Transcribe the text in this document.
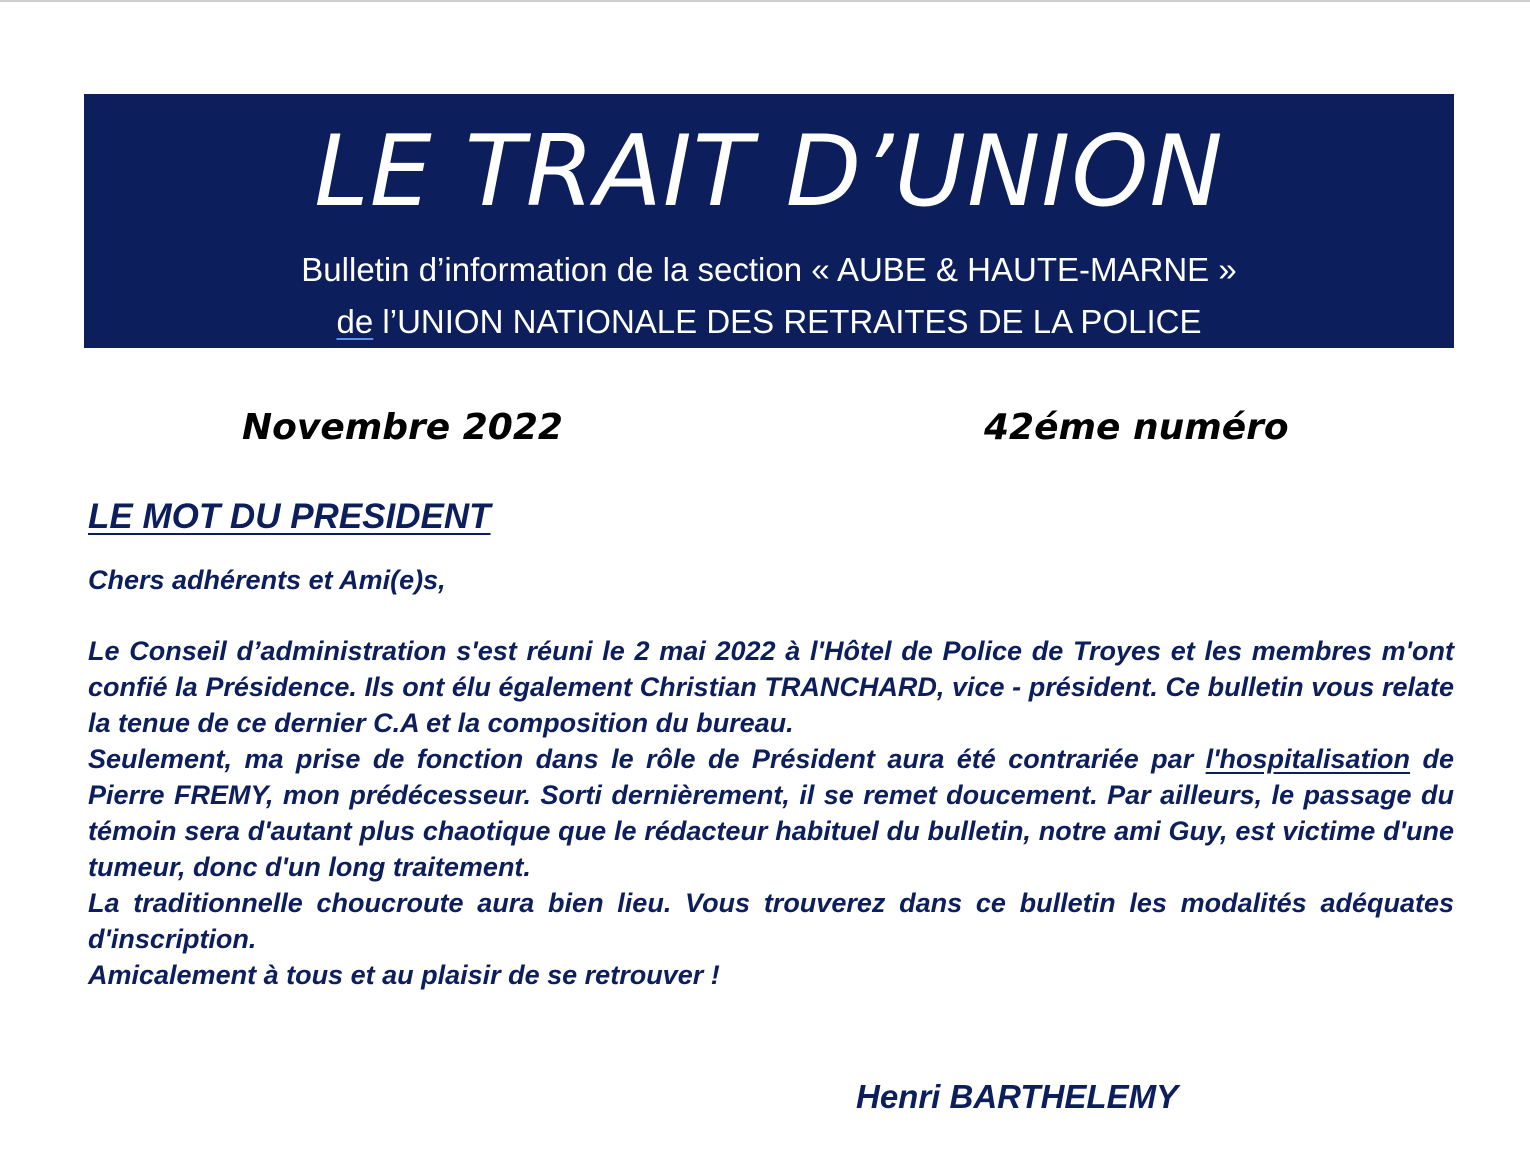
LE TRAIT D’UNION
Bulletin d’information de la section « AUBE & HAUTE-MARNE »
de l’UNION NATIONALE DES RETRAITES DE LA POLICE
Novembre 2022	42éme numéro
LE MOT DU PRESIDENT
Chers adhérents et Ami(e)s,

Le Conseil d’administration s'est réuni le 2 mai 2022 à l'Hôtel de Police de Troyes et les membres m'ont confié la Présidence. Ils ont élu également Christian TRANCHARD, vice - président. Ce bulletin vous relate la tenue de ce dernier C.A et la composition du bureau.

Seulement, ma prise de fonction dans le rôle de Président aura été contrariée par l'hospitalisation de Pierre FREMY, mon prédécesseur. Sorti dernièrement, il se remet doucement. Par ailleurs, le passage du témoin sera d'autant plus chaotique que le rédacteur habituel du bulletin, notre ami Guy, est victime d'une tumeur, donc d'un long traitement.

La traditionnelle choucroute aura bien lieu. Vous trouverez dans ce bulletin les modalités adéquates d'inscription.

Amicalement à tous et au plaisir de se retrouver !

Henri BARTHELEMY
